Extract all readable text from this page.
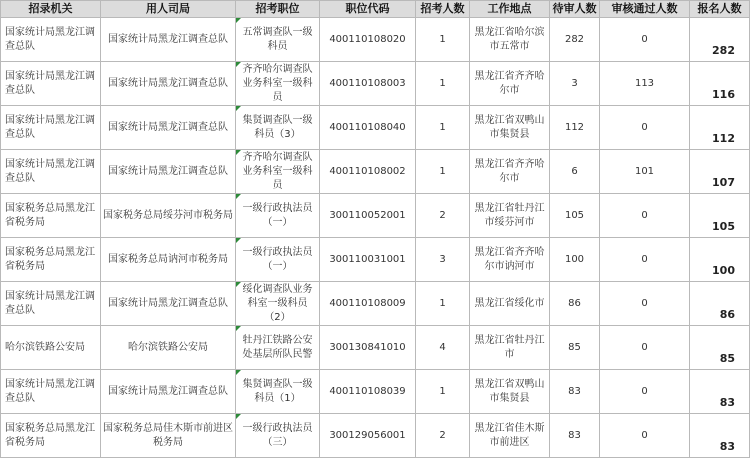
招录机关	用人司局	招考职位	职位代码	招考人数	工作地点	待审人数	审核通过人数	报名人数
国家统计局黑龙江调查总队	国家统计局黑龙江调查总队	五常调查队一级科员	400110108020	1	黑龙江省哈尔滨市五常市	282	0	282
国家统计局黑龙江调查总队	国家统计局黑龙江调查总队	齐齐哈尔调查队业务科室一级科员	400110108003	1	黑龙江省齐齐哈尔市	3	113	116
国家统计局黑龙江调查总队	国家统计局黑龙江调查总队	集贤调查队一级科员（3）	400110108040	1	黑龙江省双鸭山市集贤县	112	0	112
国家统计局黑龙江调查总队	国家统计局黑龙江调查总队	齐齐哈尔调查队业务科室一级科员	400110108002	1	黑龙江省齐齐哈尔市	6	101	107
国家税务总局黑龙江省税务局	国家税务总局绥芬河市税务局	一级行政执法员（一）	300110052001	2	黑龙江省牡丹江市绥芬河市	105	0	105
国家税务总局黑龙江省税务局	国家税务总局讷河市税务局	一级行政执法员（一）	300110031001	3	黑龙江省齐齐哈尔市讷河市	100	0	100
国家统计局黑龙江调查总队	国家统计局黑龙江调查总队	绥化调查队业务科室一级科员（2）	400110108009	1	黑龙江省绥化市	86	0	86
哈尔滨铁路公安局	哈尔滨铁路公安局	牡丹江铁路公安处基层所队民警	300130841010	4	黑龙江省牡丹江市	85	0	85
国家统计局黑龙江调查总队	国家统计局黑龙江调查总队	集贤调查队一级科员（1）	400110108039	1	黑龙江省双鸭山市集贤县	83	0	83
国家税务总局黑龙江省税务局	国家税务总局佳木斯市前进区税务局	一级行政执法员（三）	300129056001	2	黑龙江省佳木斯市前进区	83	0	83
